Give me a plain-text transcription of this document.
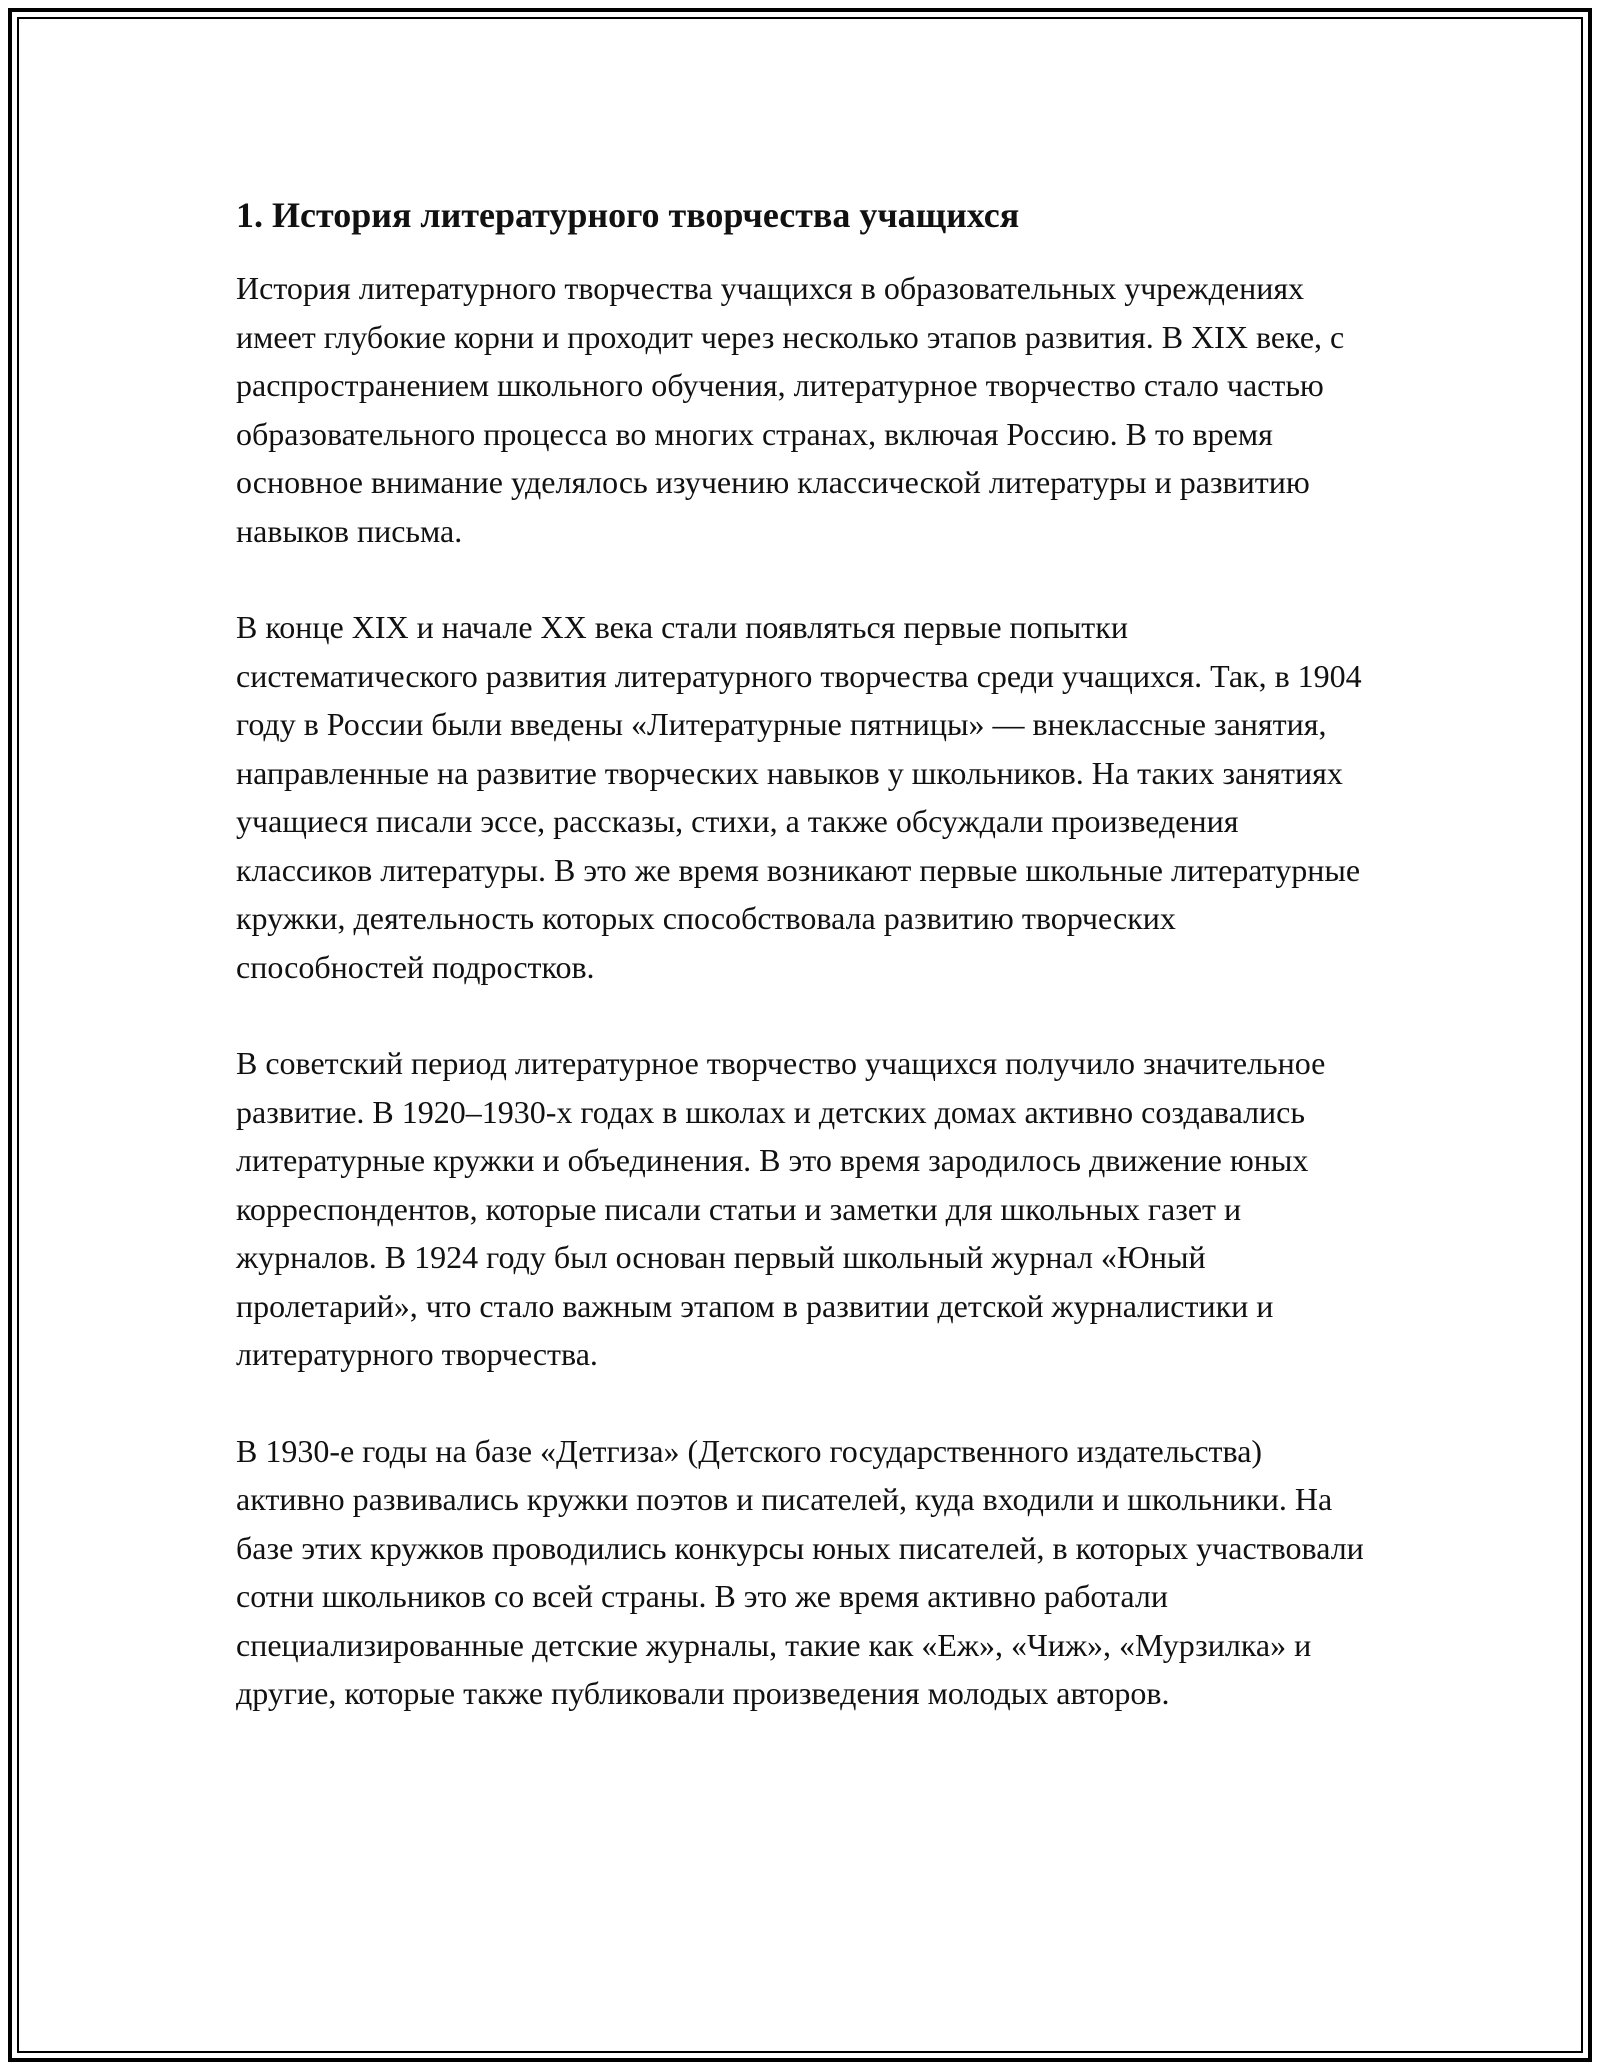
1. История литературного творчества учащихся

История литературного творчества учащихся в образовательных учреждениях имеет глубокие корни и проходит через несколько этапов развития. В XIX веке, с распространением школьного обучения, литературное творчество стало частью образовательного процесса во многих странах, включая Россию. В то время основное внимание уделялось изучению классической литературы и развитию навыков письма.

В конце XIX и начале XX века стали появляться первые попытки систематического развития литературного творчества среди учащихся. Так, в 1904 году в России были введены «Литературные пятницы» — внеклассные занятия, направленные на развитие творческих навыков у школьников. На таких занятиях учащиеся писали эссе, рассказы, стихи, а также обсуждали произведения классиков литературы. В это же время возникают первые школьные литературные кружки, деятельность которых способствовала развитию творческих способностей подростков.

В советский период литературное творчество учащихся получило значительное развитие. В 1920–1930-х годах в школах и детских домах активно создавались литературные кружки и объединения. В это время зародилось движение юных корреспондентов, которые писали статьи и заметки для школьных газет и журналов. В 1924 году был основан первый школьный журнал «Юный пролетарий», что стало важным этапом в развитии детской журналистики и литературного творчества.

В 1930-е годы на базе «Детгиза» (Детского государственного издательства) активно развивались кружки поэтов и писателей, куда входили и школьники. На базе этих кружков проводились конкурсы юных писателей, в которых участвовали сотни школьников со всей страны. В это же время активно работали специализированные детские журналы, такие как «Еж», «Чиж», «Мурзилка» и другие, которые также публиковали произведения молодых авторов.
